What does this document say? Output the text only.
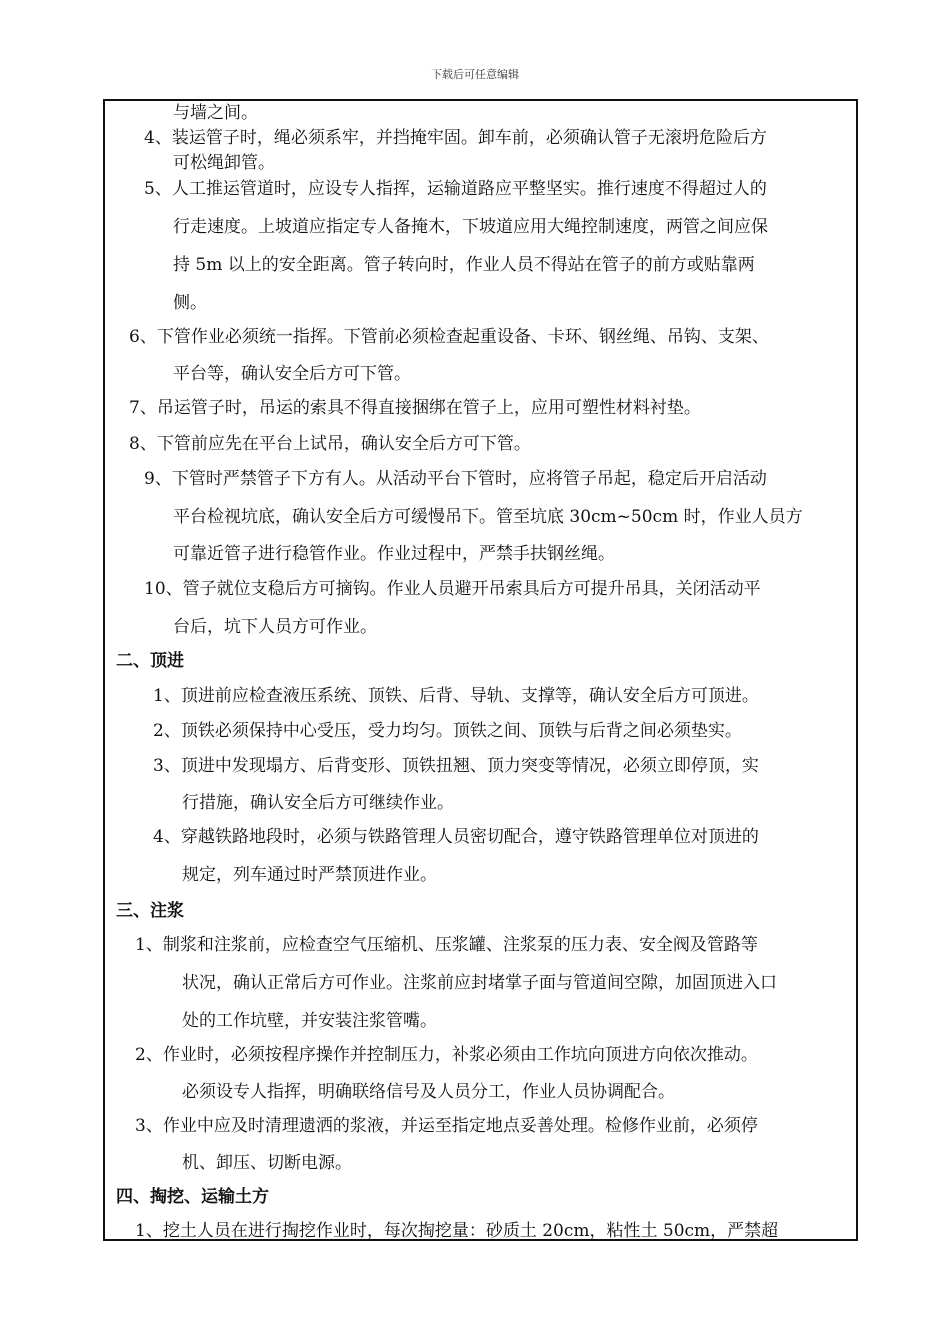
下载后可任意编辑
与墙之间。
4、装运管子时，绳必须系牢，并挡掩牢固。卸车前，必须确认管子无滚坍危险后方
可松绳卸管。
5、人工推运管道时，应设专人指挥，运输道路应平整坚实。推行速度不得超过人的
行走速度。上坡道应指定专人备掩木，下坡道应用大绳控制速度，两管之间应保
持 5m 以上的安全距离。管子转向时，作业人员不得站在管子的前方或贴靠两
侧。
6、下管作业必须统一指挥。下管前必须检查起重设备、卡环、钢丝绳、吊钩、支架、
平台等，确认安全后方可下管。
7、吊运管子时，吊运的索具不得直接捆绑在管子上，应用可塑性材料衬垫。
8、下管前应先在平台上试吊，确认安全后方可下管。
9、下管时严禁管子下方有人。从活动平台下管时，应将管子吊起，稳定后开启活动
平台检视坑底，确认安全后方可缓慢吊下。管至坑底 30cm~50cm 时，作业人员方
可靠近管子进行稳管作业。作业过程中，严禁手扶钢丝绳。
10、管子就位支稳后方可摘钩。作业人员避开吊索具后方可提升吊具，关闭活动平
台后，坑下人员方可作业。
二、顶进
1、顶进前应检查液压系统、顶铁、后背、导轨、支撑等，确认安全后方可顶进。
2、顶铁必须保持中心受压，受力均匀。顶铁之间、顶铁与后背之间必须垫实。
3、顶进中发现塌方、后背变形、顶铁扭翘、顶力突变等情况，必须立即停顶，实
行措施，确认安全后方可继续作业。
4、穿越铁路地段时，必须与铁路管理人员密切配合，遵守铁路管理单位对顶进的
规定，列车通过时严禁顶进作业。
三、注浆
1、制浆和注浆前，应检查空气压缩机、压浆罐、注浆泵的压力表、安全阀及管路等
状况，确认正常后方可作业。注浆前应封堵掌子面与管道间空隙，加固顶进入口
处的工作坑壁，并安装注浆管嘴。
2、作业时，必须按程序操作并控制压力，补浆必须由工作坑向顶进方向依次推动。
必须设专人指挥，明确联络信号及人员分工，作业人员协调配合。
3、作业中应及时清理遗洒的浆液，并运至指定地点妥善处理。检修作业前，必须停
机、卸压、切断电源。
四、掏挖、运输土方
1、挖土人员在进行掏挖作业时，每次掏挖量：砂质土 20cm，粘性土 50cm，严禁超
